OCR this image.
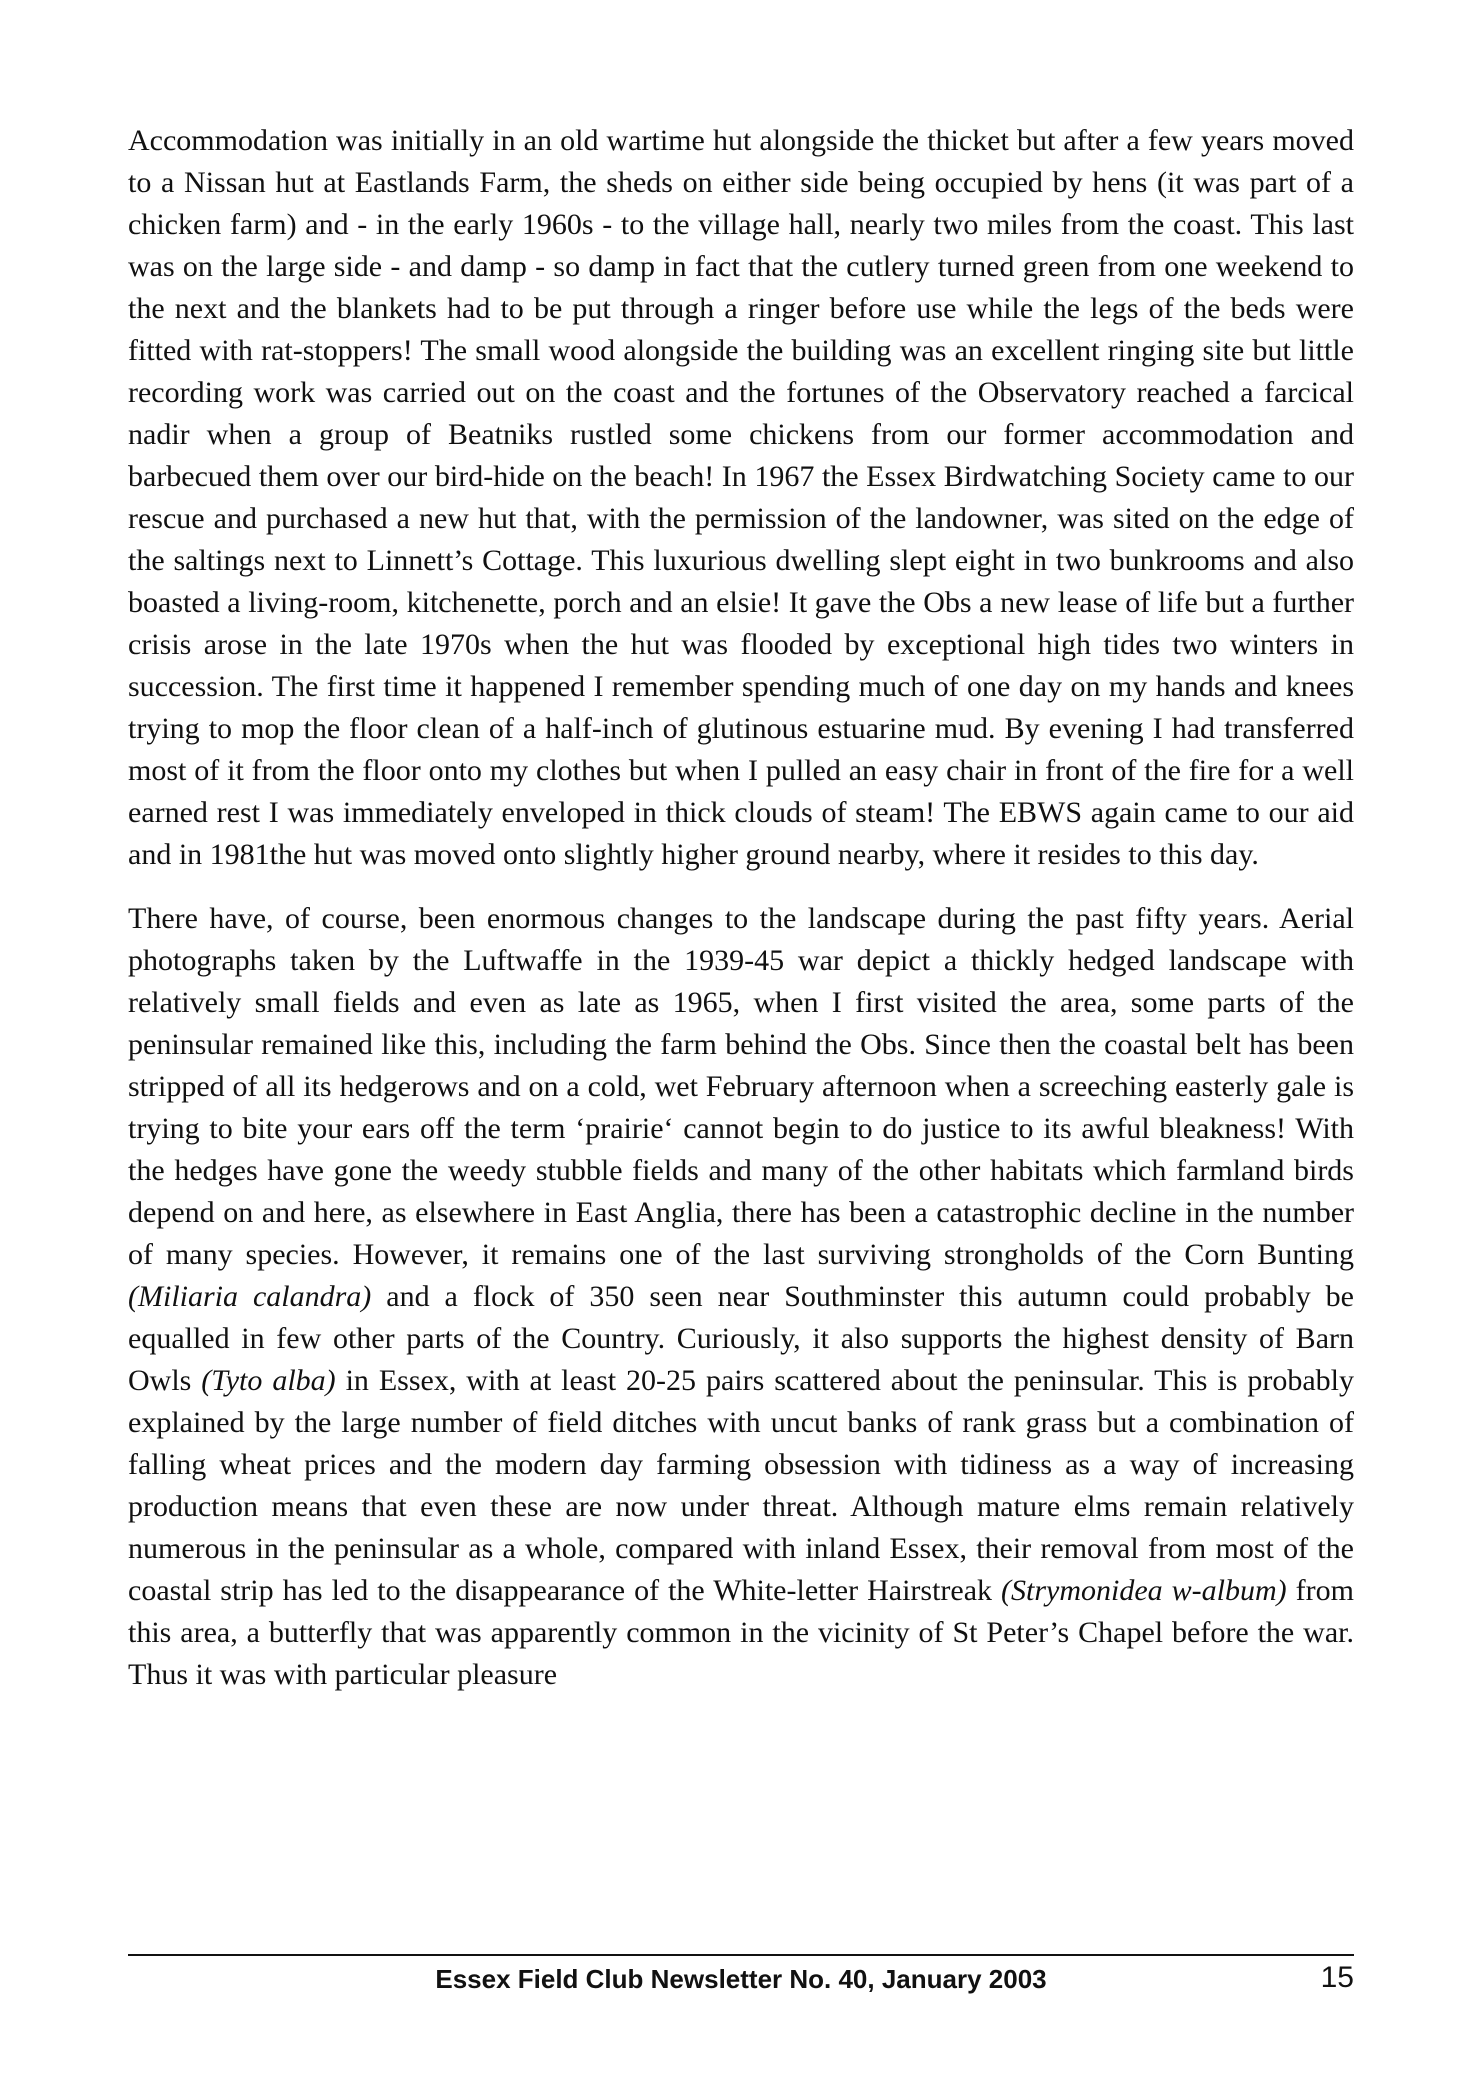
Accommodation was initially in an old wartime hut alongside the thicket but after a few years moved to a Nissan hut at Eastlands Farm, the sheds on either side being occupied by hens (it was part of a chicken farm) and - in the early 1960s - to the village hall, nearly two miles from the coast. This last was on the large side - and damp - so damp in fact that the cutlery turned green from one weekend to the next and the blankets had to be put through a ringer before use while the legs of the beds were fitted with rat-stoppers! The small wood alongside the building was an excellent ringing site but little recording work was carried out on the coast and the fortunes of the Observatory reached a farcical nadir when a group of Beatniks rustled some chickens from our former accommodation and barbecued them over our bird-hide on the beach! In 1967 the Essex Birdwatching Society came to our rescue and purchased a new hut that, with the permission of the landowner, was sited on the edge of the saltings next to Linnett’s Cottage. This luxurious dwelling slept eight in two bunkrooms and also boasted a living-room, kitchenette, porch and an elsie! It gave the Obs a new lease of life but a further crisis arose in the late 1970s when the hut was flooded by exceptional high tides two winters in succession. The first time it happened I remember spending much of one day on my hands and knees trying to mop the floor clean of a half-inch of glutinous estuarine mud. By evening I had transferred most of it from the floor onto my clothes but when I pulled an easy chair in front of the fire for a well earned rest I was immediately enveloped in thick clouds of steam! The EBWS again came to our aid and in 1981the hut was moved onto slightly higher ground nearby, where it resides to this day.

There have, of course, been enormous changes to the landscape during the past fifty years. Aerial photographs taken by the Luftwaffe in the 1939-45 war depict a thickly hedged landscape with relatively small fields and even as late as 1965, when I first visited the area, some parts of the peninsular remained like this, including the farm behind the Obs. Since then the coastal belt has been stripped of all its hedgerows and on a cold, wet February afternoon when a screeching easterly gale is trying to bite your ears off the term ‘prairie‘ cannot begin to do justice to its awful bleakness! With the hedges have gone the weedy stubble fields and many of the other habitats which farmland birds depend on and here, as elsewhere in East Anglia, there has been a catastrophic decline in the number of many species. However, it remains one of the last surviving strongholds of the Corn Bunting (Miliaria calandra) and a flock of 350 seen near Southminster this autumn could probably be equalled in few other parts of the Country. Curiously, it also supports the highest density of Barn Owls (Tyto alba) in Essex, with at least 20-25 pairs scattered about the peninsular. This is probably explained by the large number of field ditches with uncut banks of rank grass but a combination of falling wheat prices and the modern day farming obsession with tidiness as a way of increasing production means that even these are now under threat. Although mature elms remain relatively numerous in the peninsular as a whole, compared with inland Essex, their removal from most of the coastal strip has led to the disappearance of the White-letter Hairstreak (Strymonidea w-album) from this area, a butterfly that was apparently common in the vicinity of St Peter’s Chapel before the war. Thus it was with particular pleasure

Essex Field Club Newsletter No. 40, January 2003	15
